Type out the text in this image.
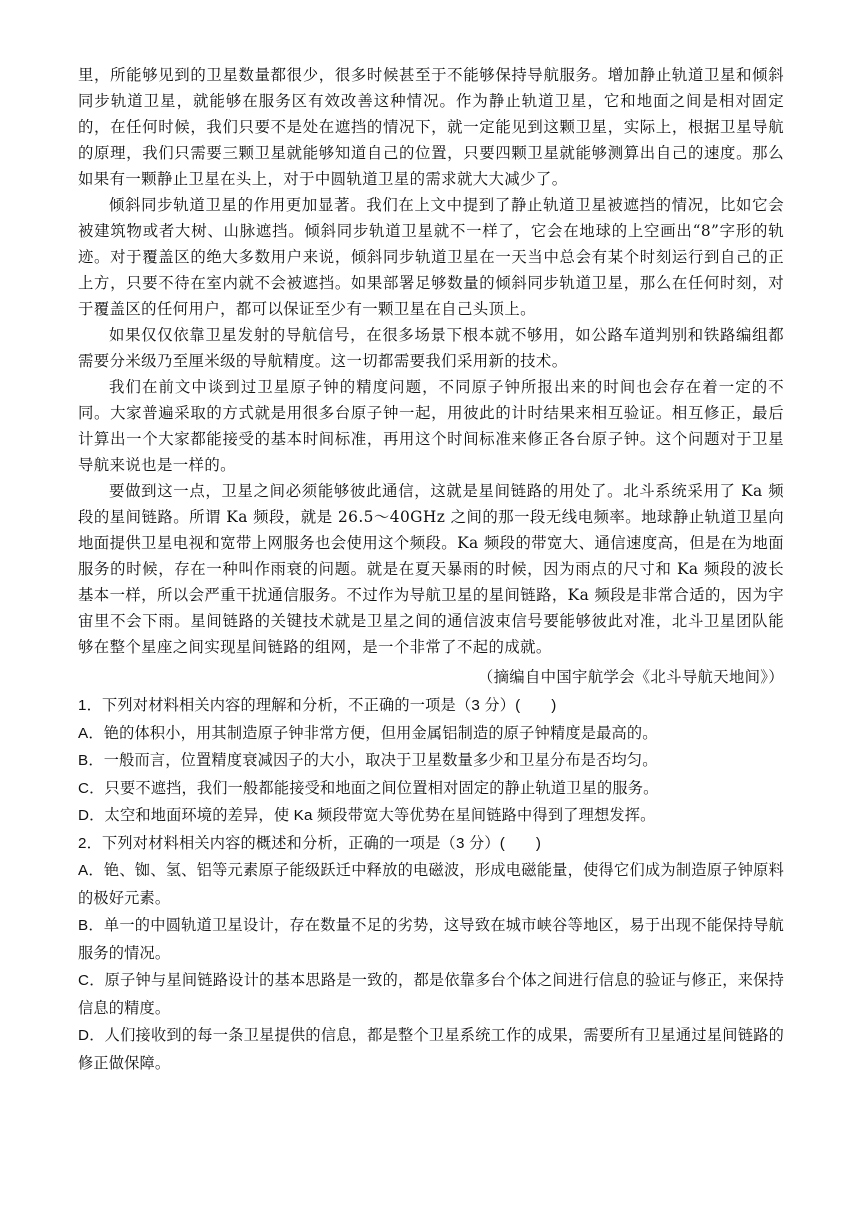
里，所能够见到的卫星数量都很少，很多时候甚至于不能够保持导航服务。增加静止轨道卫星和倾斜同步轨道卫星，就能够在服务区有效改善这种情况。作为静止轨道卫星，它和地面之间是相对固定的，在任何时候，我们只要不是处在遮挡的情况下，就一定能见到这颗卫星，实际上，根据卫星导航的原理，我们只需要三颗卫星就能够知道自己的位置，只要四颗卫星就能够测算出自己的速度。那么如果有一颗静止卫星在头上，对于中圆轨道卫星的需求就大大减少了。

倾斜同步轨道卫星的作用更加显著。我们在上文中提到了静止轨道卫星被遮挡的情况，比如它会被建筑物或者大树、山脉遮挡。倾斜同步轨道卫星就不一样了，它会在地球的上空画出“8”字形的轨迹。对于覆盖区的绝大多数用户来说，倾斜同步轨道卫星在一天当中总会有某个时刻运行到自己的正上方，只要不待在室内就不会被遮挡。如果部署足够数量的倾斜同步轨道卫星，那么在任何时刻，对于覆盖区的任何用户，都可以保证至少有一颗卫星在自己头顶上。

如果仅仅依靠卫星发射的导航信号，在很多场景下根本就不够用，如公路车道判别和铁路编组都需要分米级乃至厘米级的导航精度。这一切都需要我们采用新的技术。

我们在前文中谈到过卫星原子钟的精度问题，不同原子钟所报出来的时间也会存在着一定的不同。大家普遍采取的方式就是用很多台原子钟一起，用彼此的计时结果来相互验证。相互修正，最后计算出一个大家都能接受的基本时间标准，再用这个时间标准来修正各台原子钟。这个问题对于卫星导航来说也是一样的。

要做到这一点，卫星之间必须能够彼此通信，这就是星间链路的用处了。北斗系统采用了 Ka 频段的星间链路。所谓 Ka 频段，就是 26.5～40GHz 之间的那一段无线电频率。地球静止轨道卫星向地面提供卫星电视和宽带上网服务也会使用这个频段。Ka 频段的带宽大、通信速度高，但是在为地面服务的时候，存在一种叫作雨衰的问题。就是在夏天暴雨的时候，因为雨点的尺寸和 Ka 频段的波长基本一样，所以会严重干扰通信服务。不过作为导航卫星的星间链路，Ka 频段是非常合适的，因为宇宙里不会下雨。星间链路的关键技术就是卫星之间的通信波束信号要能够彼此对准，北斗卫星团队能够在整个星座之间实现星间链路的组网，是一个非常了不起的成就。

（摘编自中国宇航学会《北斗导航天地间》）

1．下列对材料相关内容的理解和分析，不正确的一项是（3 分）(　　)

A．铯的体积小，用其制造原子钟非常方便，但用金属铝制造的原子钟精度是最高的。

B．一般而言，位置精度衰减因子的大小，取决于卫星数量多少和卫星分布是否均匀。

C．只要不遮挡，我们一般都能接受和地面之间位置相对固定的静止轨道卫星的服务。

D．太空和地面环境的差异，使 Ka 频段带宽大等优势在星间链路中得到了理想发挥。

2．下列对材料相关内容的概述和分析，正确的一项是（3 分）(　　)

A．铯、铷、氢、铝等元素原子能级跃迁中释放的电磁波，形成电磁能量，使得它们成为制造原子钟原料的极好元素。

B．单一的中圆轨道卫星设计，存在数量不足的劣势，这导致在城市峡谷等地区，易于出现不能保持导航服务的情况。

C．原子钟与星间链路设计的基本思路是一致的，都是依靠多台个体之间进行信息的验证与修正，来保持信息的精度。

D．人们接收到的每一条卫星提供的信息，都是整个卫星系统工作的成果，需要所有卫星通过星间链路的修正做保障。
